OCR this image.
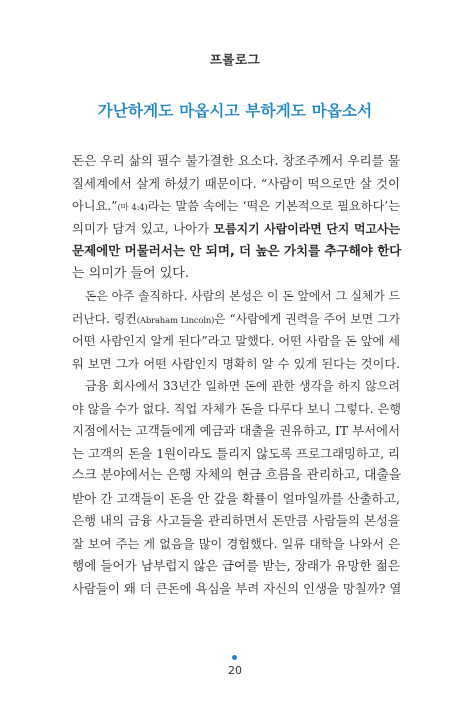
프롤로그
가난하게도 마옵시고 부하게도 마옵소서
돈은 우리 삶의 필수 불가결한 요소다. 창조주께서 우리를 물
질세계에서 살게 하셨기 때문이다. “사람이 떡으로만 살 것이
아니요.”(마 4:4)라는 말씀 속에는 ‘떡은 기본적으로 필요하다’는
의미가 담겨 있고, 나아가 모름지기 사람이라면 단지 먹고사는
문제에만 머물러서는 안 되며, 더 높은 가치를 추구해야 한다
는 의미가 들어 있다.
돈은 아주 솔직하다. 사람의 본성은 이 돈 앞에서 그 실체가 드
러난다. 링컨(Abraham Lincoln)은 “사람에게 권력을 주어 보면 그가
어떤 사람인지 알게 된다”라고 말했다. 어떤 사람을 돈 앞에 세
워 보면 그가 어떤 사람인지 명확히 알 수 있게 된다는 것이다.
금융 회사에서 33년간 일하면 돈에 관한 생각을 하지 않으려
야 않을 수가 없다. 직업 자체가 돈을 다루다 보니 그렇다. 은행
지점에서는 고객들에게 예금과 대출을 권유하고, IT 부서에서
는 고객의 돈을 1원이라도 틀리지 않도록 프로그래밍하고, 리
스크 분야에서는 은행 자체의 현금 흐름을 관리하고, 대출을
받아 간 고객들이 돈을 안 갚을 확률이 얼마일까를 산출하고,
은행 내의 금융 사고들을 관리하면서 돈만큼 사람들의 본성을
잘 보여 주는 게 없음을 많이 경험했다. 일류 대학을 나와서 은
행에 들어가 남부럽지 않은 급여를 받는, 장래가 유망한 젊은
사람들이 왜 더 큰돈에 욕심을 부려 자신의 인생을 망칠까? 열
20
